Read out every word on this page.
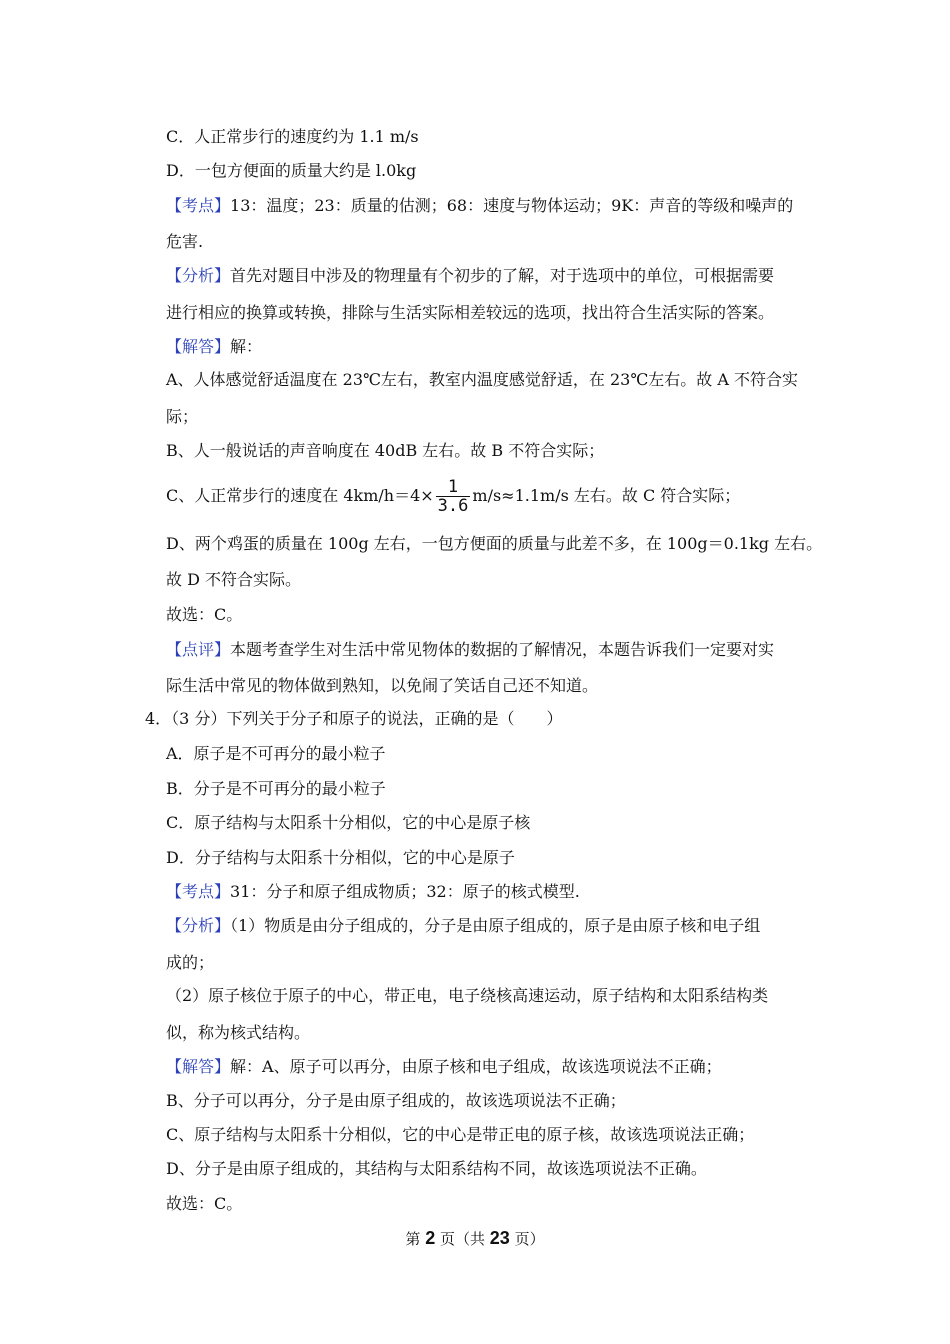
C．人正常步行的速度约为 1.1 m/s
D．一包方便面的质量大约是 l.0kg
【考点】13：温度；23：质量的估测；68：速度与物体运动；9K：声音的等级和噪声的
危害.
【分析】首先对题目中涉及的物理量有个初步的了解，对于选项中的单位，可根据需要
进行相应的换算或转换，排除与生活实际相差较远的选项，找出符合生活实际的答案。
【解答】解：
A、人体感觉舒适温度在 23℃左右，教室内温度感觉舒适，在 23℃左右。故 A 不符合实
际；
B、人一般说话的声音响度在 40dB 左右。故 B 不符合实际；
C、人正常步行的速度在 $4km/h=4\times \frac{1}{3.6} m/s\approx 1.1m/s$ 左右。故 C 符合实际；
D、两个鸡蛋的质量在 100g 左右，一包方便面的质量与此差不多，在 100g＝0.1kg 左右。
故 D 不符合实际。
故选：C。
【点评】本题考查学生对生活中常见物体的数据的了解情况，本题告诉我们一定要对实
际生活中常见的物体做到熟知，以免闹了笑话自己还不知道。
4．（3 分）下列关于分子和原子的说法，正确的是（　　）
A．原子是不可再分的最小粒子
B．分子是不可再分的最小粒子
C．原子结构与太阳系十分相似，它的中心是原子核
D．分子结构与太阳系十分相似，它的中心是原子
【考点】31：分子和原子组成物质；32：原子的核式模型.
【分析】（1）物质是由分子组成的，分子是由原子组成的，原子是由原子核和电子组
成的；
（2）原子核位于原子的中心，带正电，电子绕核高速运动，原子结构和太阳系结构类
似，称为核式结构。
【解答】解：A、原子可以再分，由原子核和电子组成，故该选项说法不正确；
B、分子可以再分，分子是由原子组成的，故该选项说法不正确；
C、原子结构与太阳系十分相似，它的中心是带正电的原子核，故该选项说法正确；
D、分子是由原子组成的，其结构与太阳系结构不同，故该选项说法不正确。
故选：C。
第 2 页（共 23 页）
